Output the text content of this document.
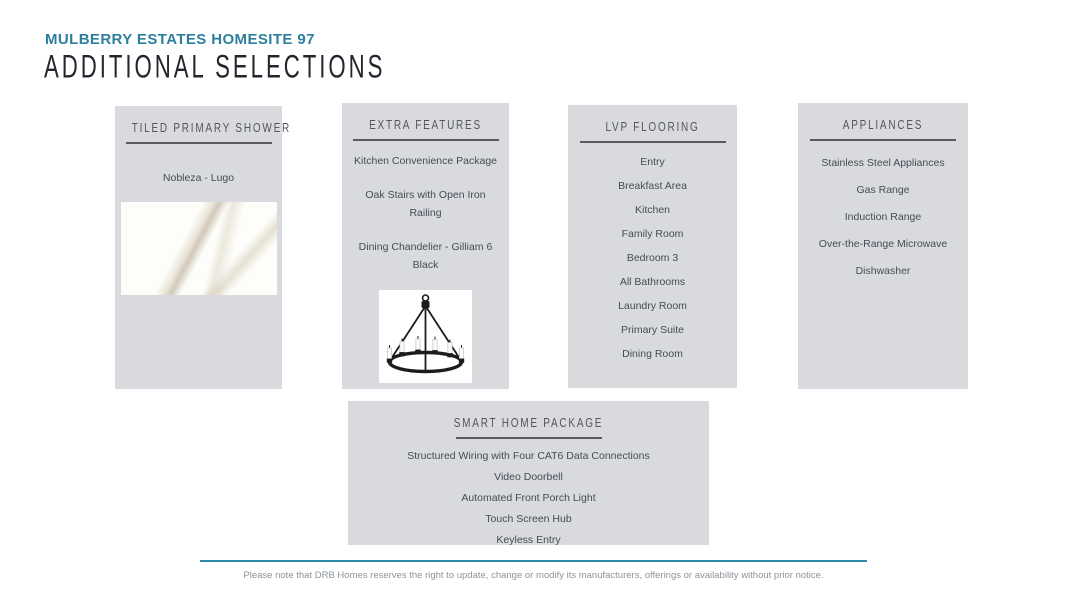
MULBERRY ESTATES HOMESITE 97
ADDITIONAL SELECTIONS
TILED PRIMARY SHOWER
Nobleza - Lugo
EXTRA FEATURES
Kitchen Convenience Package
Oak Stairs with Open Iron Railing
Dining Chandelier - Gilliam 6 Black
LVP FLOORING
Entry
Breakfast Area
Kitchen
Family Room
Bedroom 3
All Bathrooms
Laundry Room
Primary Suite
Dining Room
APPLIANCES
Stainless Steel Appliances
Gas Range
Induction Range
Over-the-Range Microwave
Dishwasher
SMART HOME PACKAGE
Structured Wiring with Four CAT6 Data Connections
Video Doorbell
Automated Front Porch Light
Touch Screen Hub
Keyless Entry
Please note that DRB Homes reserves the right to update, change or modify its manufacturers, offerings or availability without prior notice.
